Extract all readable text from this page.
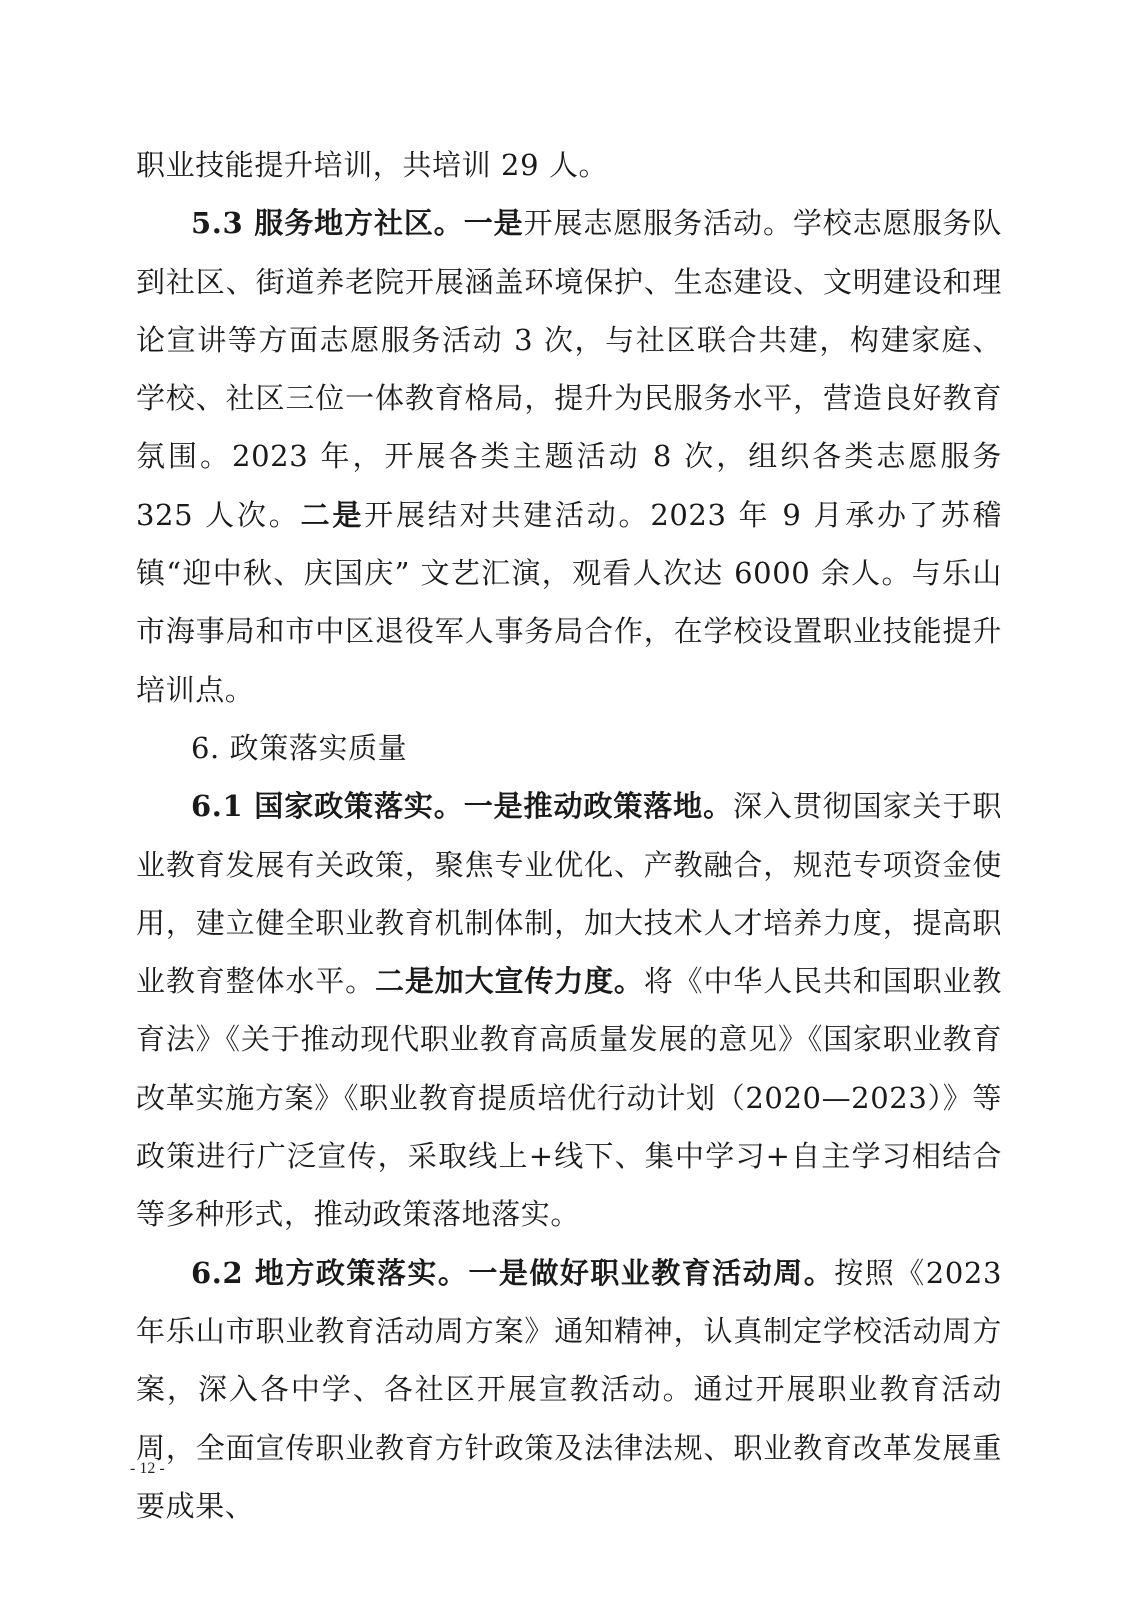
职业技能提升培训，共培训 29 人。

5.3 服务地方社区。一是开展志愿服务活动。学校志愿服务队到社区、街道养老院开展涵盖环境保护、生态建设、文明建设和理论宣讲等方面志愿服务活动 3 次，与社区联合共建，构建家庭、学校、社区三位一体教育格局，提升为民服务水平，营造良好教育氛围。2023 年，开展各类主题活动 8 次，组织各类志愿服务 325 人次。二是开展结对共建活动。2023 年 9 月承办了苏稽镇“迎中秋、庆国庆” 文艺汇演，观看人次达 6000 余人。与乐山市海事局和市中区退役军人事务局合作，在学校设置职业技能提升培训点。

6. 政策落实质量

6.1 国家政策落实。一是推动政策落地。深入贯彻国家关于职业教育发展有关政策，聚焦专业优化、产教融合，规范专项资金使用，建立健全职业教育机制体制，加大技术人才培养力度，提高职业教育整体水平。二是加大宣传力度。将《中华人民共和国职业教育法》《关于推动现代职业教育高质量发展的意见》《国家职业教育改革实施方案》《职业教育提质培优行动计划（2020—2023）》等政策进行广泛宣传，采取线上+线下、集中学习+自主学习相结合等多种形式，推动政策落地落实。

6.2 地方政策落实。一是做好职业教育活动周。按照《2023 年乐山市职业教育活动周方案》通知精神，认真制定学校活动周方案，深入各中学、各社区开展宣教活动。通过开展职业教育活动周，全面宣传职业教育方针政策及法律法规、职业教育改革发展重要成果、

- 12 -
